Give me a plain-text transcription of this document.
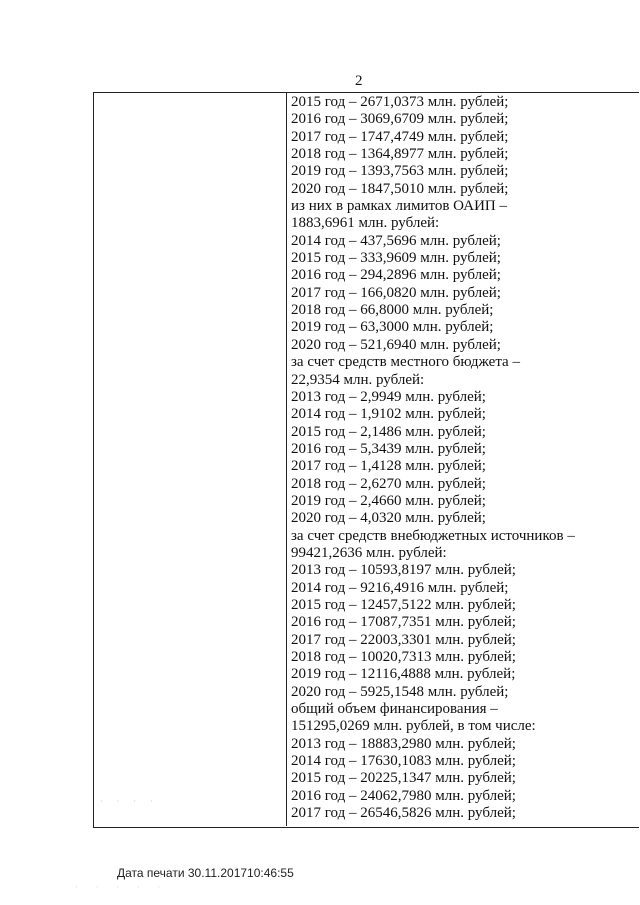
2
2015 год – 2671,0373 млн. рублей;
2016 год – 3069,6709 млн. рублей;
2017 год – 1747,4749 млн. рублей;
2018 год – 1364,8977 млн. рублей;
2019 год – 1393,7563 млн. рублей;
2020 год – 1847,5010 млн. рублей;
из них в рамках лимитов ОАИП –
1883,6961 млн. рублей:
2014 год – 437,5696 млн. рублей;
2015 год – 333,9609 млн. рублей;
2016 год – 294,2896 млн. рублей;
2017 год – 166,0820 млн. рублей;
2018 год – 66,8000 млн. рублей;
2019 год – 63,3000 млн. рублей;
2020 год – 521,6940 млн. рублей;
за счет средств местного бюджета –
22,9354 млн. рублей:
2013 год – 2,9949 млн. рублей;
2014 год – 1,9102 млн. рублей;
2015 год – 2,1486 млн. рублей;
2016 год – 5,3439 млн. рублей;
2017 год – 1,4128 млн. рублей;
2018 год – 2,6270 млн. рублей;
2019 год – 2,4660 млн. рублей;
2020 год – 4,0320 млн. рублей;
за счет средств внебюджетных источников –
99421,2636 млн. рублей:
2013 год – 10593,8197 млн. рублей;
2014 год – 9216,4916 млн. рублей;
2015 год – 12457,5122 млн. рублей;
2016 год – 17087,7351 млн. рублей;
2017 год – 22003,3301 млн. рублей;
2018 год – 10020,7313 млн. рублей;
2019 год – 12116,4888 млн. рублей;
2020 год – 5925,1548 млн. рублей;
общий объем финансирования –
151295,0269 млн. рублей, в том числе:
2013 год – 18883,2980 млн. рублей;
2014 год – 17630,1083 млн. рублей;
2015 год – 20225,1347 млн. рублей;
2016 год – 24062,7980 млн. рублей;
2017 год – 26546,5826 млн. рублей;
· · · ·
· · · · ·
Дата печати 30.11.201710:46:55
